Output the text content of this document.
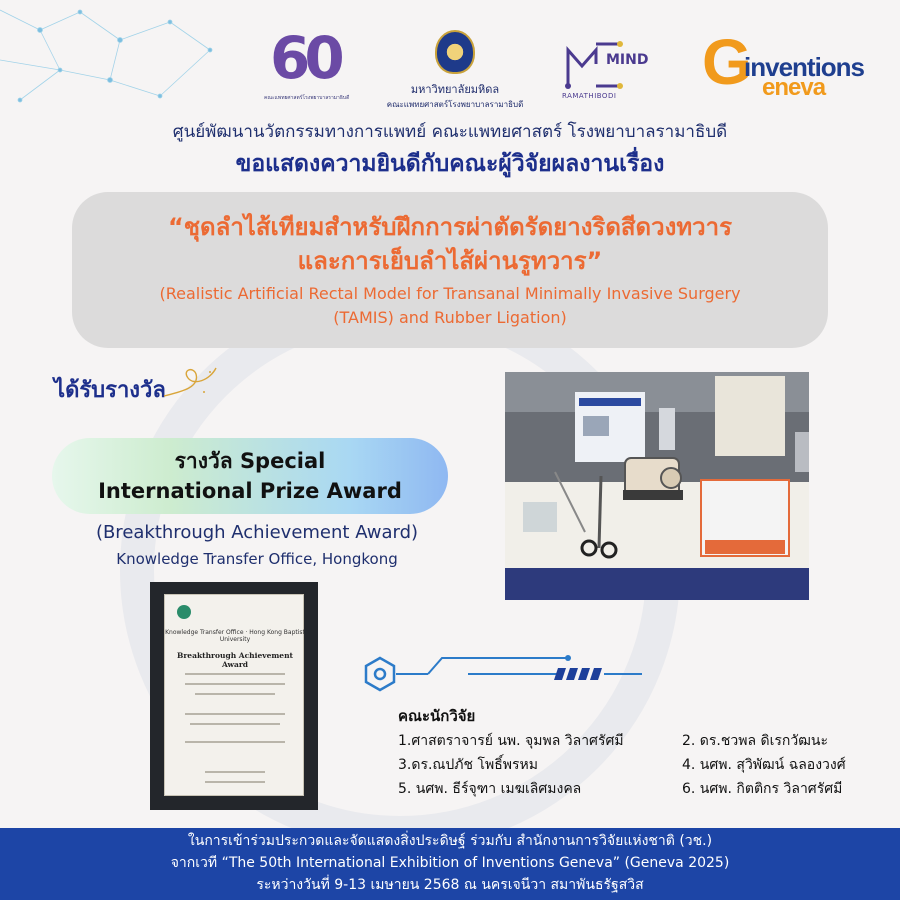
60
คณะแพทยศาสตร์โรงพยาบาลรามาธิบดี
มหาวิทยาลัยมหิดล
คณะแพทยศาสตร์โรงพยาบาลรามาธิบดี
MIND
RAMATHIBODI G
inventions
eneva
ศูนย์พัฒนานวัตกรรมทางการแพทย์ คณะแพทยศาสตร์ โรงพยาบาลรามาธิบดี
ขอแสดงความยินดีกับคณะผู้วิจัยผลงานเรื่อง
“ชุดลำไส้เทียมสำหรับฝึกการผ่าตัดรัดยางริดสีดวงทวาร
และการเย็บลำไส้ผ่านรูทวาร”
(Realistic Artificial Rectal Model for Transanal Minimally Invasive Surgery
(TAMIS) and Rubber Ligation)
ได้รับรางวัล
รางวัล Special
International Prize Award
(Breakthrough Achievement Award)
Knowledge Transfer Office, Hongkong
Knowledge Transfer Office · Hong Kong Baptist University
Breakthrough Achievement Award
คณะนักวิจัย
1.ศาสตราจารย์ นพ. จุมพล วิลาศรัศมี	2. ดร.ชวพล ดิเรกวัฒนะ
3.ดร.ณปภัช โพธิ์พรหม	4. นศพ. สุวิพัฒน์ ฉลองวงศ์
5. นศพ. ธีร์จุฑา เมฆเลิศมงคล	6. นศพ. กิตติกร วิลาศรัศมี
ในการเข้าร่วมประกวดและจัดแสดงสิ่งประดิษฐ์ ร่วมกับ สำนักงานการวิจัยแห่งชาติ (วช.)
จากเวที “The 50th International Exhibition of Inventions Geneva” (Geneva 2025)
ระหว่างวันที่ 9-13 เมษายน 2568 ณ นครเจนีวา สมาพันธรัฐสวิส
